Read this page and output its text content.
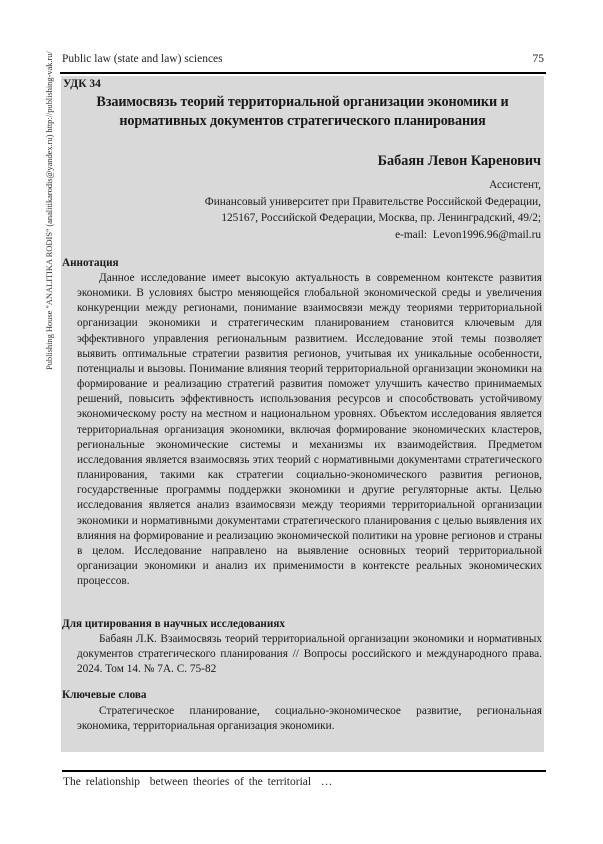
Public law (state and law) sciences	75
Publishing House "ANALITIKA RODIS" (analitikarodis@yandex.ru) http://publishing-vak.ru/ УДК 34
Взаимосвязь теорий территориальной организации экономики и
нормативных документов стратегического планирования
Бабаян Левон Каренович
Ассистент,
Финансовый университет при Правительстве Российской Федерации,
125167, Российской Федерации, Москва, пр. Ленинградский, 49/2;
e-mail:  Levon1996.96@mail.ru
Аннотация
Данное исследование имеет высокую актуальность в современном контексте развития экономики. В условиях быстро меняющейся глобальной экономической среды и увеличения конкуренции между регионами, понимание взаимосвязи между теориями территориальной организации экономики и стратегическим планированием становится ключевым для эффективного управления региональным развитием. Исследование этой темы позволяет выявить оптимальные стратегии развития регионов, учитывая их уникальные особенности, потенциалы и вызовы. Понимание влияния теорий территориальной организации экономики на формирование и реализацию стратегий развития поможет улучшить качество принимаемых решений, повысить эффективность использования ресурсов и способствовать устойчивому экономическому росту на местном и национальном уровнях. Объектом исследования является территориальная организация экономики, включая формирование экономических кластеров, региональные экономические системы и механизмы их взаимодействия. Предметом исследования является взаимосвязь этих теорий с нормативными документами стратегического планирования, такими как стратегии социально-экономического развития регионов, государственные программы поддержки экономики и другие регуляторные акты. Целью исследования является анализ взаимосвязи между теориями территориальной организации экономики и нормативными документами стратегического планирования с целью выявления их влияния на формирование и реализацию экономической политики на уровне регионов и страны в целом. Исследование направлено на выявление основных теорий территориальной организации экономики и анализ их применимости в контексте реальных экономических процессов.
Для цитирования в научных исследованиях
Бабаян Л.К. Взаимосвязь теорий территориальной организации экономики и нормативных документов стратегического планирования // Вопросы российского и международного права. 2024. Том 14. № 7А. С. 75-82
Ключевые слова
Стратегическое планирование, социально-экономическое развитие, региональная экономика, территориальная организация экономики.
The relationship  between theories of the territorial  …
